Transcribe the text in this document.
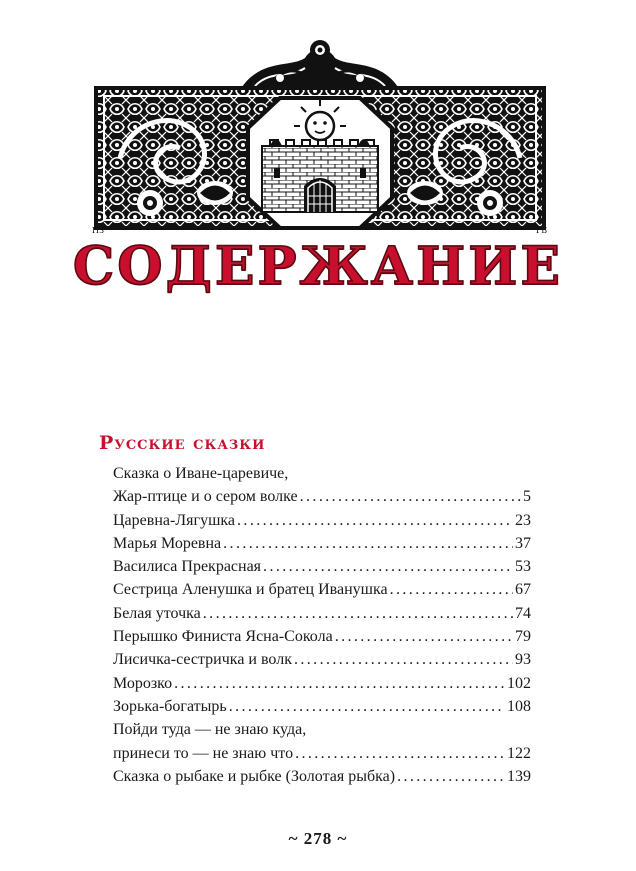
НЗ	ГБ
СОДЕРЖАНИЕ
Русские сказки
Сказка о Иване-царевиче,
Жар-птице и о сером волке .....	5
Царевна-Лягушка .....	23
Марья Моревна .....	37
Василиса Прекрасная .....	53
Сестрица Аленушка и братец Иванушка .....	67
Белая уточка .....	74
Перышко Финиста Ясна-Сокола .....	79
Лисичка-сестричка и волк .....	93
Морозко .....	102
Зорька-богатырь .....	108
Пойди туда — не знаю куда,
принеси то — не знаю что .....	122
Сказка о рыбаке и рыбке (Золотая рыбка) .....	139
~ 278 ~
